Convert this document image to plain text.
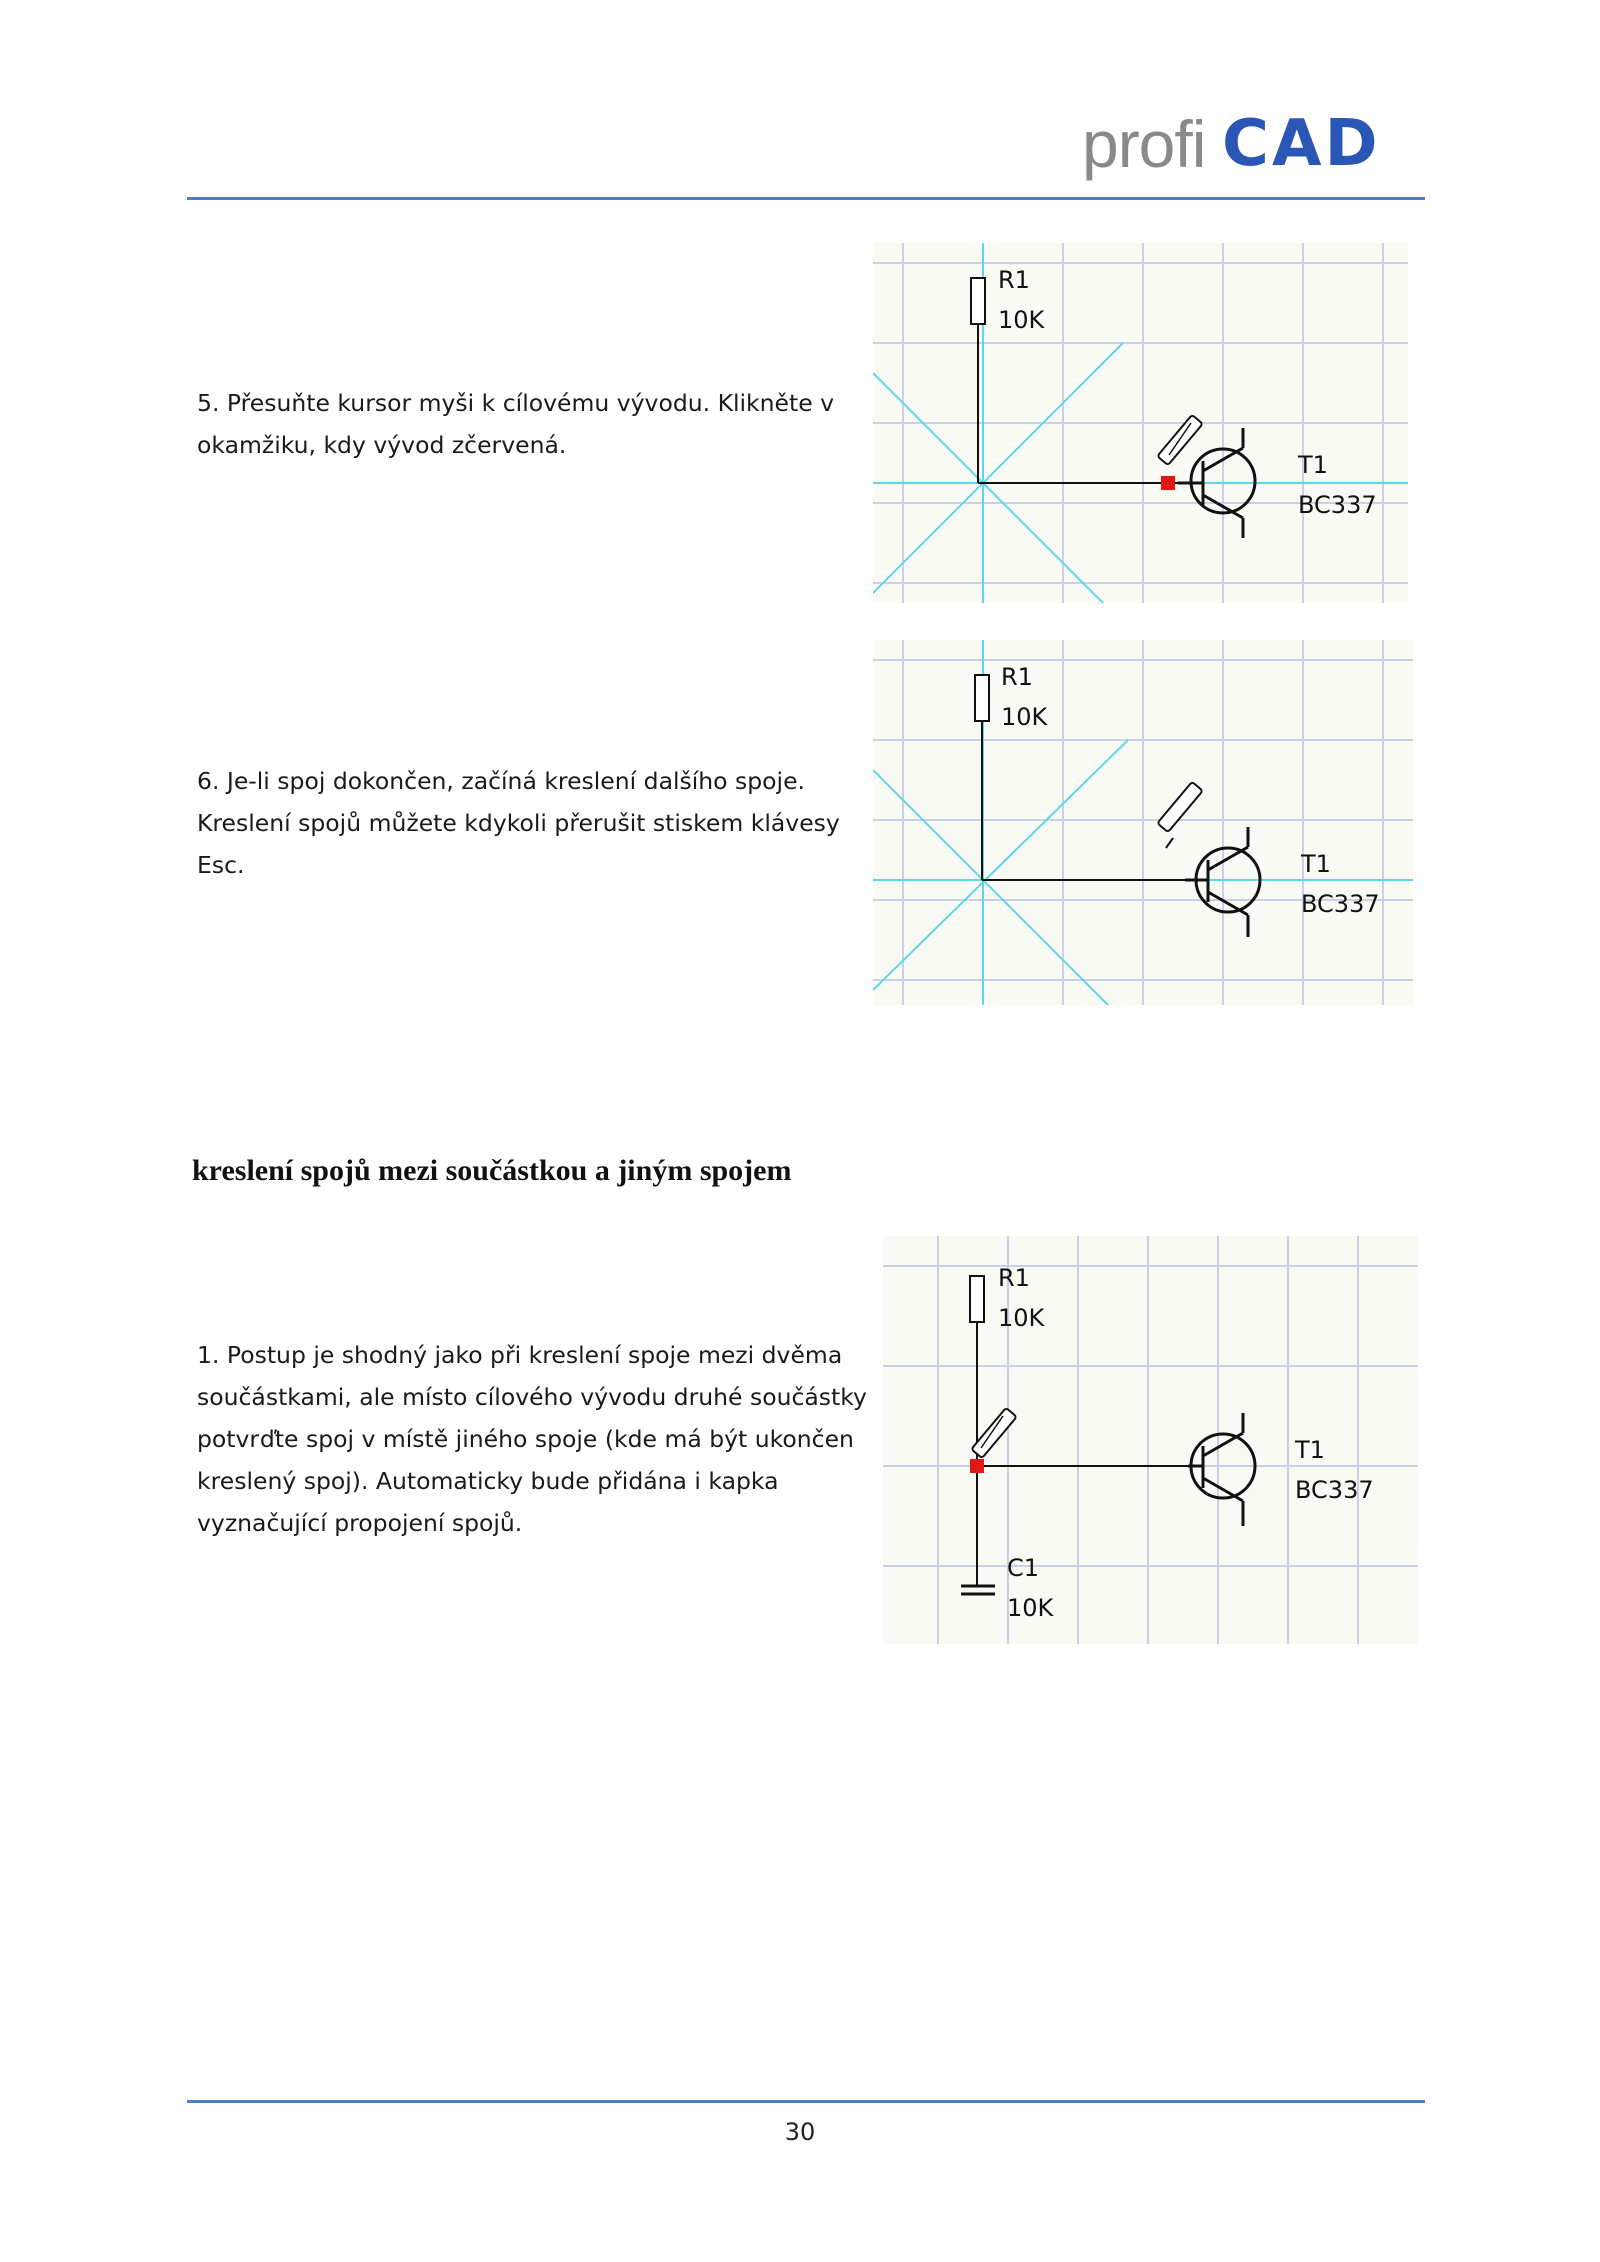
profi CAD

5. Přesuňte kursor myši k cílovému vývodu. Klikněte v okamžiku, kdy vývod zčervená.

R1
10K
T1
BC337

6. Je-li spoj dokončen, začíná kreslení dalšího spoje. Kreslení spojů můžete kdykoli přerušit stiskem klávesy Esc.

R1
10K
T1
BC337
kreslení spojů mezi součástkou a jiným spojem

1. Postup je shodný jako při kreslení spoje mezi dvěma součástkami, ale místo cílového vývodu druhé součástky potvrďte spoj v místě jiného spoje (kde má být ukončen kreslený spoj). Automaticky bude přidána i kapka vyznačující propojení spojů.

R1
10K
T1
BC337
C1
10K
30
